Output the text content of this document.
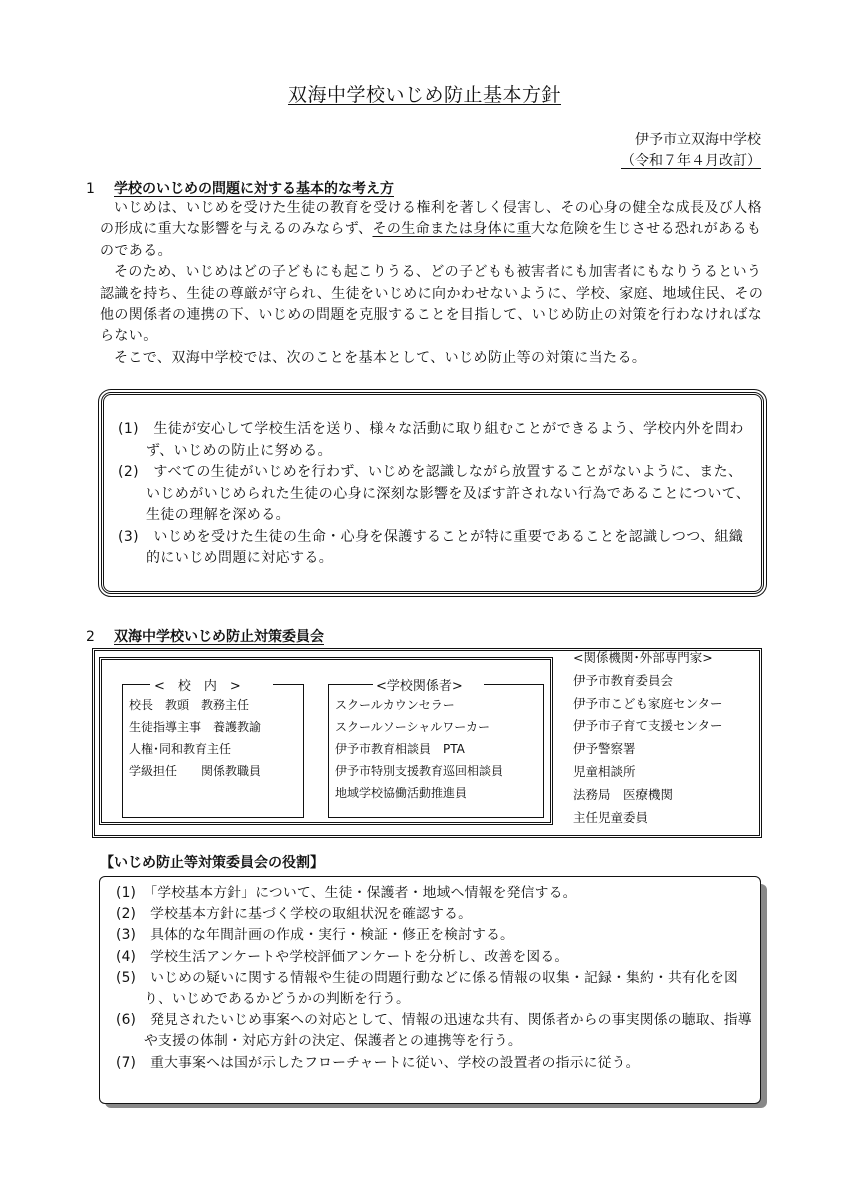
双海中学校いじめ防止基本方針
伊予市立双海中学校
（令和７年４月改訂）
1 学校のいじめの問題に対する基本的な考え方

いじめは、いじめを受けた生徒の教育を受ける権利を著しく侵害し、その心身の健全な成長及び人格の形成に重大な影響を与えるのみならず、その生命または身体に重大な危険を生じさせる恐れがあるものである。

そのため、いじめはどの子どもにも起こりうる、どの子どもも被害者にも加害者にもなりうるという認識を持ち、生徒の尊厳が守られ、生徒をいじめに向かわせないように、学校、家庭、地域住民、その他の関係者の連携の下、いじめの問題を克服することを目指して、いじめ防止の対策を行わなければならない。

そこで、双海中学校では、次のことを基本として、いじめ防止等の対策に当たる。

(1)　生徒が安心して学校生活を送り、様々な活動に取り組むことができるよう、学校内外を問わず、いじめの防止に努める。
(2)　すべての生徒がいじめを行わず、いじめを認識しながら放置することがないように、また、いじめがいじめられた生徒の心身に深刻な影響を及ぼす許されない行為であることについて、生徒の理解を深める。
(3)　いじめを受けた生徒の生命・心身を保護することが特に重要であることを認識しつつ、組織的にいじめ問題に対応する。
2 双海中学校いじめ防止対策委員会
<　校　内　>
校長　教頭　教務主任
生徒指導主事　養護教諭
人権･同和教育主任
学級担任　　関係教職員
<学校関係者>
スクールカウンセラー
スクールソーシャルワーカー
伊予市教育相談員　PTA
伊予市特別支援教育巡回相談員
地域学校協働活動推進員
<関係機関･外部専門家>
伊予市教育委員会
伊予市こども家庭センター
伊予市子育て支援センター
伊予警察署
児童相談所
法務局　医療機関
主任児童委員
【いじめ防止等対策委員会の役割】
(1)　「学校基本方針」について、生徒・保護者・地域へ情報を発信する。
(2)　学校基本方針に基づく学校の取組状況を確認する。
(3)　具体的な年間計画の作成・実行・検証・修正を検討する。
(4)　学校生活アンケートや学校評価アンケートを分析し、改善を図る。
(5)　いじめの疑いに関する情報や生徒の問題行動などに係る情報の収集・記録・集約・共有化を図り、いじめであるかどうかの判断を行う。
(6)　発見されたいじめ事案への対応として、情報の迅速な共有、関係者からの事実関係の聴取、指導や支援の体制・対応方針の決定、保護者との連携等を行う。
(7)　重大事案へは国が示したフローチャートに従い、学校の設置者の指示に従う。
